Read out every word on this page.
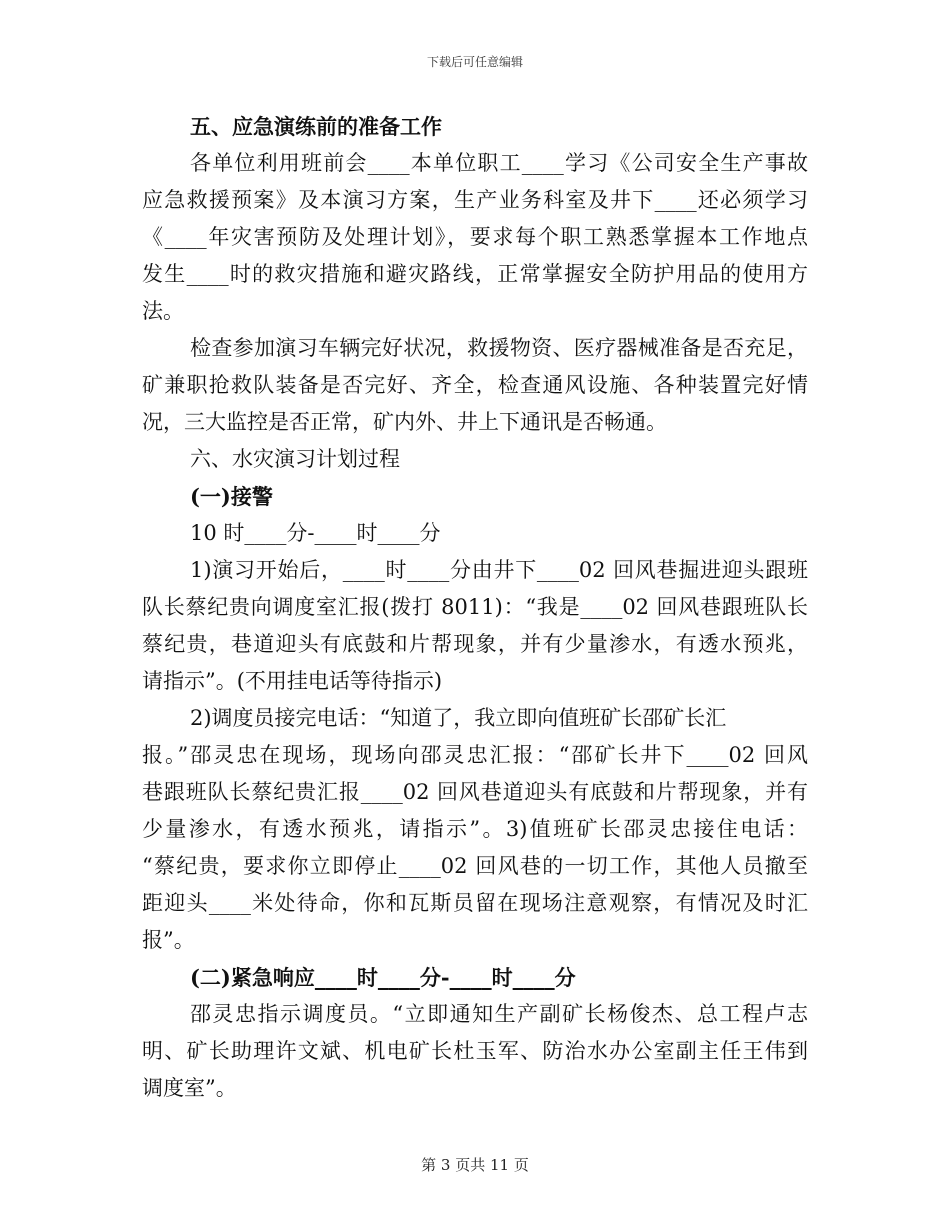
下载后可任意编辑
五、应急演练前的准备工作
各单位利用班前会____本单位职工____学习《公司安全生产事故
应急救援预案》及本演习方案，生产业务科室及井下____还必须学习
《____年灾害预防及处理计划》，要求每个职工熟悉掌握本工作地点
发生____时的救灾措施和避灾路线，正常掌握安全防护用品的使用方
法。
检查参加演习车辆完好状况，救援物资、医疗器械准备是否充足，
矿兼职抢救队装备是否完好、齐全，检查通风设施、各种装置完好情
况，三大监控是否正常，矿内外、井上下通讯是否畅通。
六、水灾演习计划过程
(一)接警
10 时____分-____时____分
1)演习开始后，____时____分由井下____02 回风巷掘进迎头跟班
队长蔡纪贵向调度室汇报(拨打 8011)：“我是____02 回风巷跟班队长
蔡纪贵，巷道迎头有底鼓和片帮现象，并有少量渗水，有透水预兆，
请指示”。(不用挂电话等待指示)
2)调度员接完电话：“知道了，我立即向值班矿长邵矿长汇
报。”邵灵忠在现场，现场向邵灵忠汇报：“邵矿长井下____02 回风
巷跟班队长蔡纪贵汇报____02 回风巷道迎头有底鼓和片帮现象，并有
少量渗水，有透水预兆，请指示”。3)值班矿长邵灵忠接住电话：
“蔡纪贵，要求你立即停止____02 回风巷的一切工作，其他人员撤至
距迎头____米处待命，你和瓦斯员留在现场注意观察，有情况及时汇
报”。
(二)紧急响应____时____分-____时____分
邵灵忠指示调度员。“立即通知生产副矿长杨俊杰、总工程卢志
明、矿长助理许文斌、机电矿长杜玉军、防治水办公室副主任王伟到
调度室”。
第 3 页共 11 页
